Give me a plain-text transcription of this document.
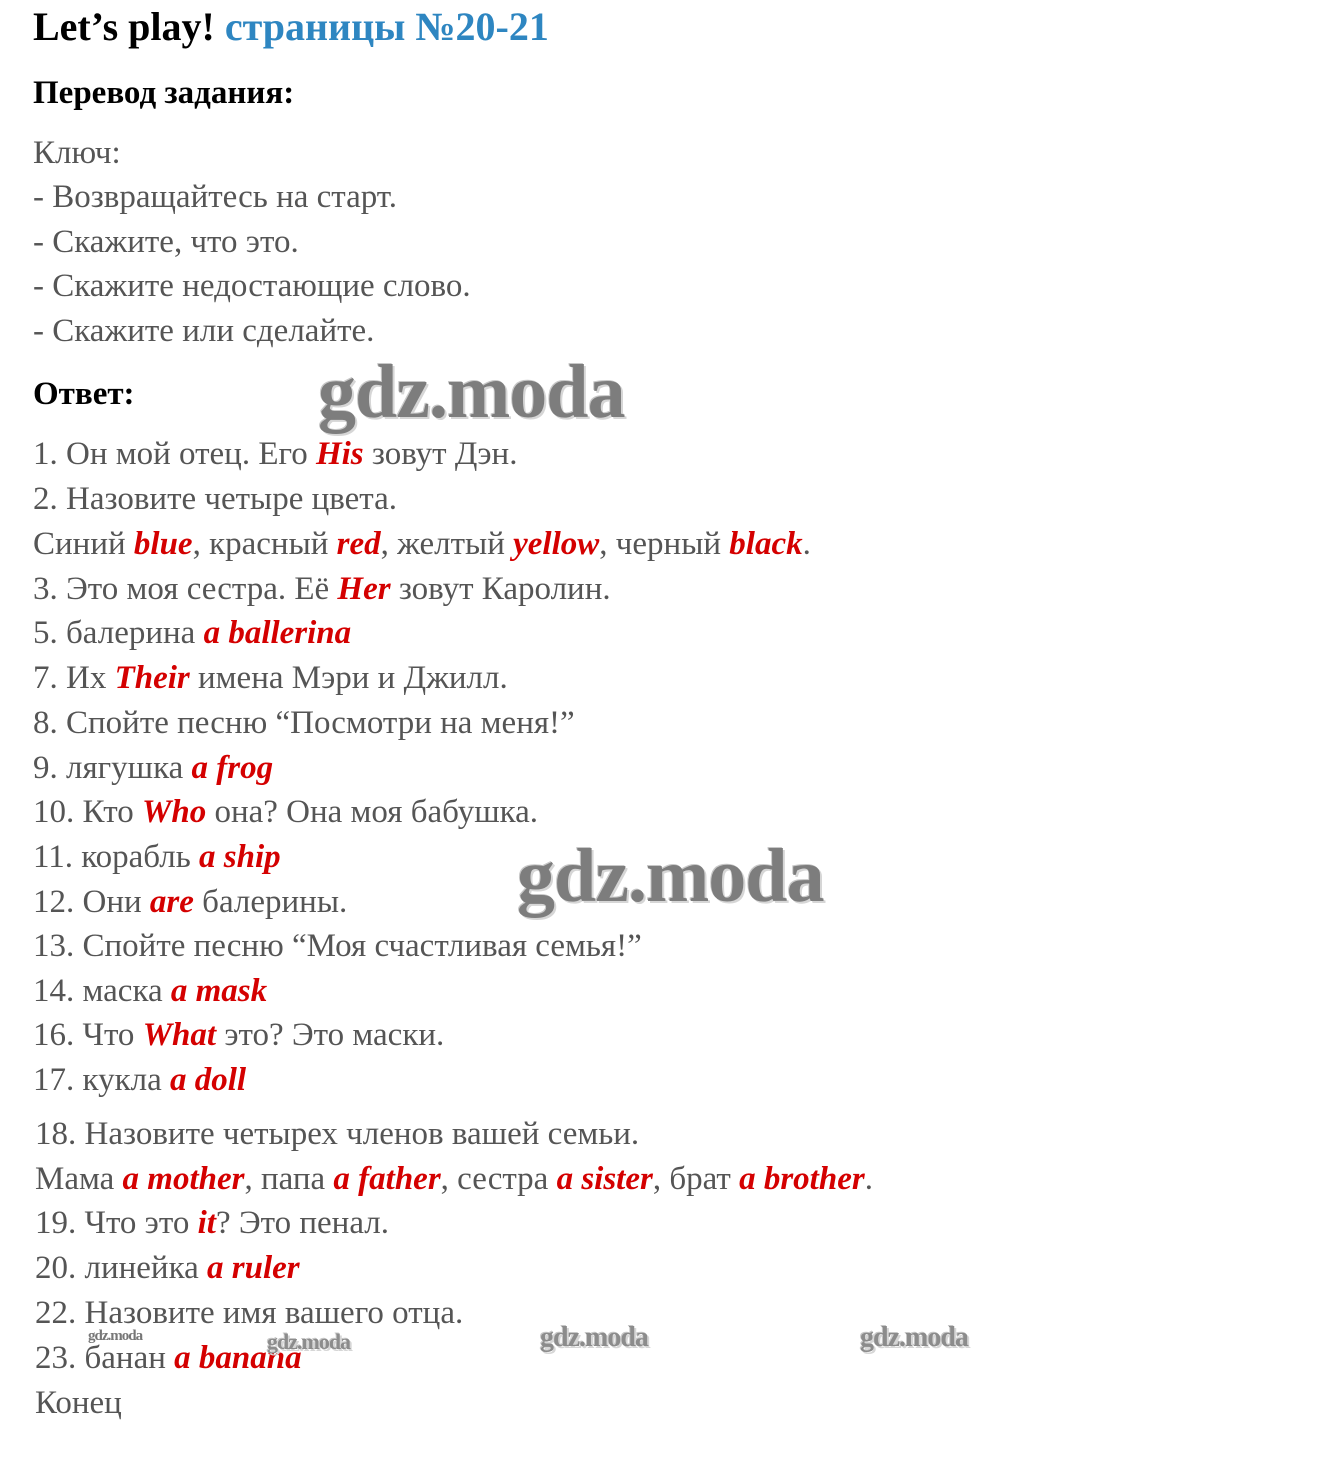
Let’s play! страницы №20-21
Перевод задания:
Ключ:
- Возвращайтесь на старт.
- Скажите, что это.
- Скажите недостающие слово.
- Скажите или сделайте.
Ответ:
1. Он мой отец. Его His зовут Дэн.
2. Назовите четыре цвета.
Синий blue, красный red, желтый yellow, черный black.
3. Это моя сестра. Её Her зовут Каролин.
5. балерина a ballerina
7. Их Their имена Мэри и Джилл.
8. Спойте песню “Посмотри на меня!”
9. лягушка a frog
10. Кто Who она? Она моя бабушка.
11. корабль a ship
12. Они are балерины.
13. Спойте песню “Моя счастливая семья!”
14. маска a mask
16. Что What это? Это маски.
17. кукла a doll
18. Назовите четырех членов вашей семьи.
Мама a mother, папа a father, сестра a sister, брат a brother.
19. Что это it? Это пенал.
20. линейка a ruler
22. Назовите имя вашего отца.
23. банан a banana
Конец
gdz.moda
gdz.moda
gdz.moda	gdz.moda	gdz.moda	gdz.moda
